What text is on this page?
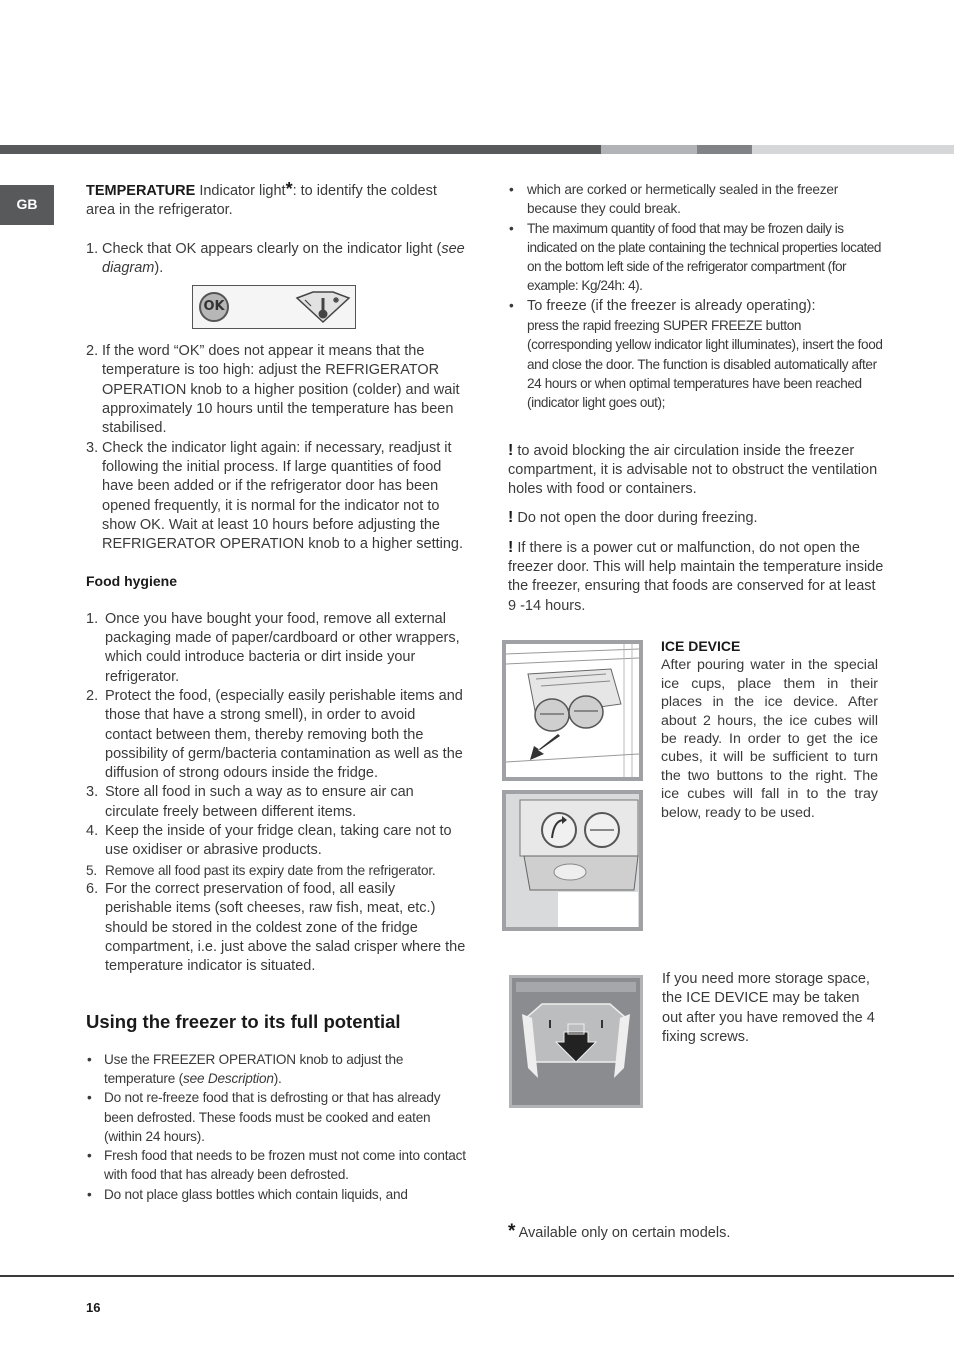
GB

TEMPERATURE Indicator light*: to identify the coldest area in the refrigerator.

1. Check that OK appears clearly on the indicator light (see diagram).
2. If the word “OK” does not appear it means that the temperature is too high: adjust the REFRIGERATOR OPERATION knob to a higher position (colder) and wait approximately 10 hours until the temperature has been stabilised.
3. Check the indicator light again: if necessary, readjust it following the initial process. If large quantities of food have been added or if the refrigerator door has been opened frequently, it is normal for the indicator not to show OK. Wait at least 10 hours before adjusting the REFRIGERATOR OPERATION knob to a higher setting.

Food hygiene

1. Once you have bought your food, remove all external packaging made of paper/cardboard or other wrappers, which could introduce bacteria or dirt inside your refrigerator.
2. Protect the food, (especially easily perishable items and those that have a strong smell), in order to avoid contact between them, thereby removing both the possibility of germ/bacteria contamination as well as the diffusion of strong odours inside the fridge.
3. Store all food in such a way as to ensure air can circulate freely between different items.
4. Keep the inside of your fridge clean, taking care not to use oxidiser or abrasive products.
5. Remove all food past its expiry date from the refrigerator.
6. For the correct preservation of food, all easily perishable items (soft cheeses, raw fish, meat, etc.) should be stored in the coldest zone of the fridge compartment, i.e. just above the salad crisper where the temperature indicator is situated.

Using the freezer to its full potential

• Use the FREEZER OPERATION knob to adjust the temperature (see Description).
• Do not re-freeze food that is defrosting or that has already been defrosted. These foods must be cooked and eaten (within 24 hours).
• Fresh food that needs to be frozen must not come into contact with food that has already been defrosted.
• Do not place glass bottles which contain liquids, and
OK
• which are corked or hermetically sealed in the freezer because they could break.
• The maximum quantity of food that may be frozen daily is indicated on the plate containing the technical properties located on the bottom left side of the refrigerator compartment (for example: Kg/24h: 4).
• To freeze (if the freezer is already operating):
press the rapid freezing SUPER FREEZE button (corresponding yellow indicator light illuminates), insert the food and close the door. The function is disabled automatically after 24 hours or when optimal temperatures have been reached (indicator light goes out);

! to avoid blocking the air circulation inside the freezer compartment, it is advisable not to obstruct the ventilation holes with food or containers.

! Do not open the door during freezing.

! If there is a power cut or malfunction, do not open the freezer door. This will help maintain the temperature inside the freezer, ensuring that foods are conserved for at least 9 -14 hours.

ICE DEVICE

After pouring water in the special ice cups, place them in their places in the ice device. After about 2 hours, the ice cubes will be ready. In order to get the ice cubes, it will be sufficient to turn the two buttons to the right. The ice cubes will fall in to the tray below, ready to be used.

If you need more storage space, the ICE DEVICE may be taken out after you have removed the 4 fixing screws.

* Available only on certain models.

16
